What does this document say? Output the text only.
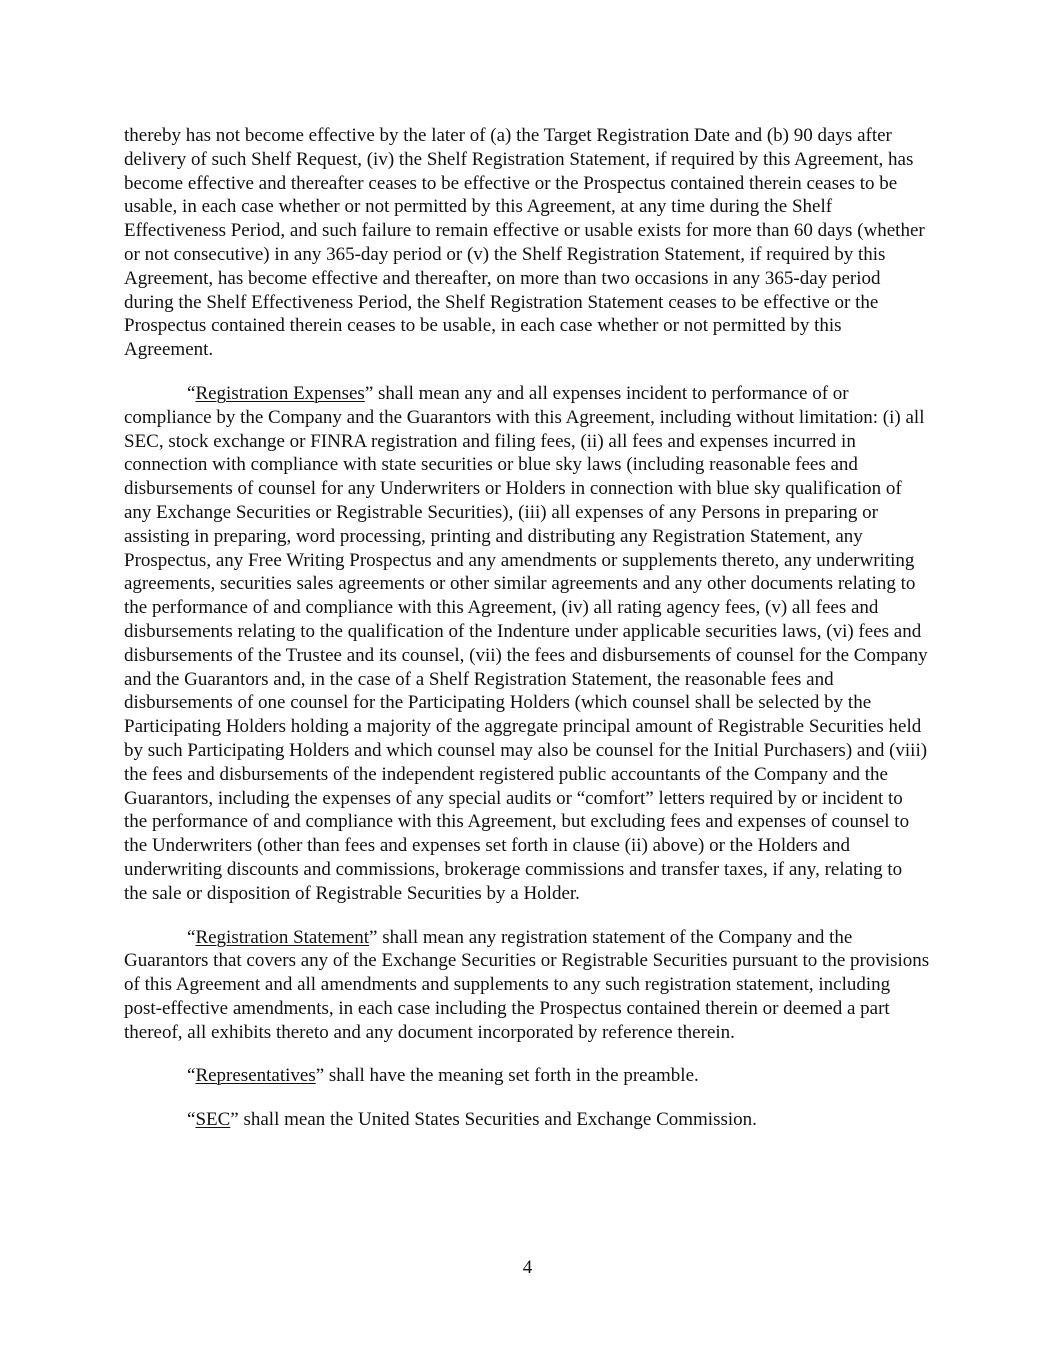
thereby has not become effective by the later of (a) the Target Registration Date and (b) 90 days after delivery of such Shelf Request, (iv) the Shelf Registration Statement, if required by this Agreement, has become effective and thereafter ceases to be effective or the Prospectus contained therein ceases to be usable, in each case whether or not permitted by this Agreement, at any time during the Shelf Effectiveness Period, and such failure to remain effective or usable exists for more than 60 days (whether or not consecutive) in any 365-day period or (v) the Shelf Registration Statement, if required by this Agreement, has become effective and thereafter, on more than two occasions in any 365-day period during the Shelf Effectiveness Period, the Shelf Registration Statement ceases to be effective or the Prospectus contained therein ceases to be usable, in each case whether or not permitted by this Agreement.

“Registration Expenses” shall mean any and all expenses incident to performance of or compliance by the Company and the Guarantors with this Agreement, including without limitation: (i) all SEC, stock exchange or FINRA registration and filing fees, (ii) all fees and expenses incurred in connection with compliance with state securities or blue sky laws (including reasonable fees and disbursements of counsel for any Underwriters or Holders in connection with blue sky qualification of any Exchange Securities or Registrable Securities), (iii) all expenses of any Persons in preparing or assisting in preparing, word processing, printing and distributing any Registration Statement, any Prospectus, any Free Writing Prospectus and any amendments or supplements thereto, any underwriting agreements, securities sales agreements or other similar agreements and any other documents relating to the performance of and compliance with this Agreement, (iv) all rating agency fees, (v) all fees and disbursements relating to the qualification of the Indenture under applicable securities laws, (vi) fees and disbursements of the Trustee and its counsel, (vii) the fees and disbursements of counsel for the Company and the Guarantors and, in the case of a Shelf Registration Statement, the reasonable fees and disbursements of one counsel for the Participating Holders (which counsel shall be selected by the Participating Holders holding a majority of the aggregate principal amount of Registrable Securities held by such Participating Holders and which counsel may also be counsel for the Initial Purchasers) and (viii) the fees and disbursements of the independent registered public accountants of the Company and the Guarantors, including the expenses of any special audits or “comfort” letters required by or incident to the performance of and compliance with this Agreement, but excluding fees and expenses of counsel to the Underwriters (other than fees and expenses set forth in clause (ii) above) or the Holders and underwriting discounts and commissions, brokerage commissions and transfer taxes, if any, relating to the sale or disposition of Registrable Securities by a Holder.

“Registration Statement” shall mean any registration statement of the Company and the Guarantors that covers any of the Exchange Securities or Registrable Securities pursuant to the provisions of this Agreement and all amendments and supplements to any such registration statement, including post-effective amendments, in each case including the Prospectus contained therein or deemed a part thereof, all exhibits thereto and any document incorporated by reference therein.

“Representatives” shall have the meaning set forth in the preamble.

“SEC” shall mean the United States Securities and Exchange Commission.

4
